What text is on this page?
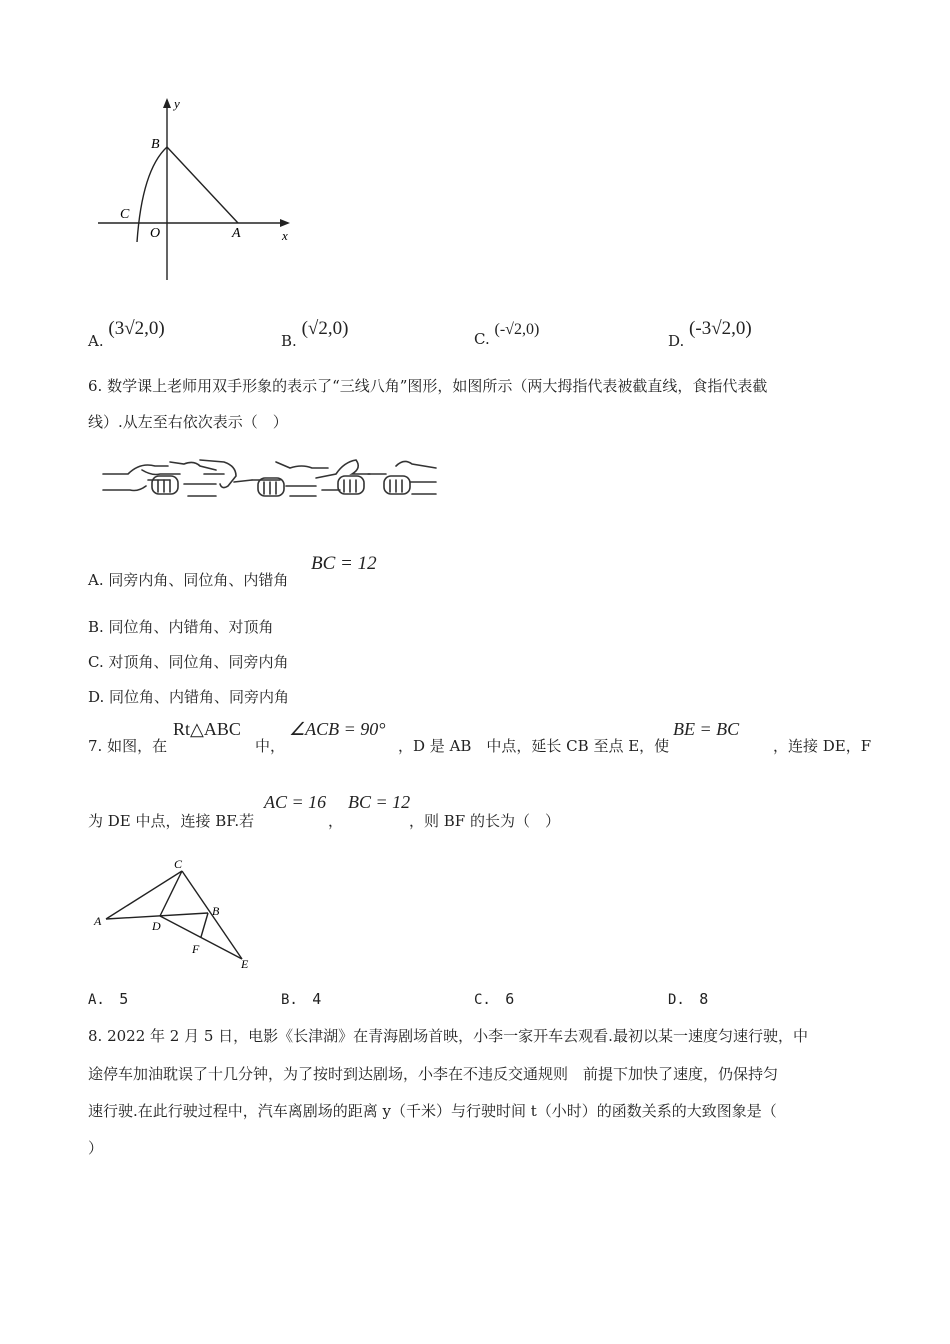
y
x
B
C
O	A
A. (3√2,0)
B. (√2,0)	C. (-√2,0)
D. (-3√2,0)
6. 数学课上老师用双手形象的表示了“三线八角”图形，如图所示（两大拇指代表被截直线，食指代表截
线）.从左至右依次表示（　）
A. 同旁内角、同位角、内错角
BC = 12
B. 同位角、内错角、对顶角
C. 对顶角、同位角、同旁内角
D. 同位角、内错角、同旁内角
7. 如图，在
Rt△ABC
中，
∠ACB = 90°
，D 是 AB　中点，延长 CB 至点 E，使
BE = BC
，连接 DE，F
为 DE 中点，连接 BF.若
AC = 16
，
BC = 12
，则 BF 的长为（　）
A
C
B
D
F
E
A. 5	B. 4	C. 6	D. 8
8. 2022 年 2 月 5 日，电影《长津湖》在青海剧场首映，小李一家开车去观看.最初以某一速度匀速行驶，中
途停车加油耽误了十几分钟，为了按时到达剧场，小李在不违反交通规则　前提下加快了速度，仍保持匀
速行驶.在此行驶过程中，汽车离剧场的距离 y（千米）与行驶时间 t（小时）的函数关系的大致图象是（
）
